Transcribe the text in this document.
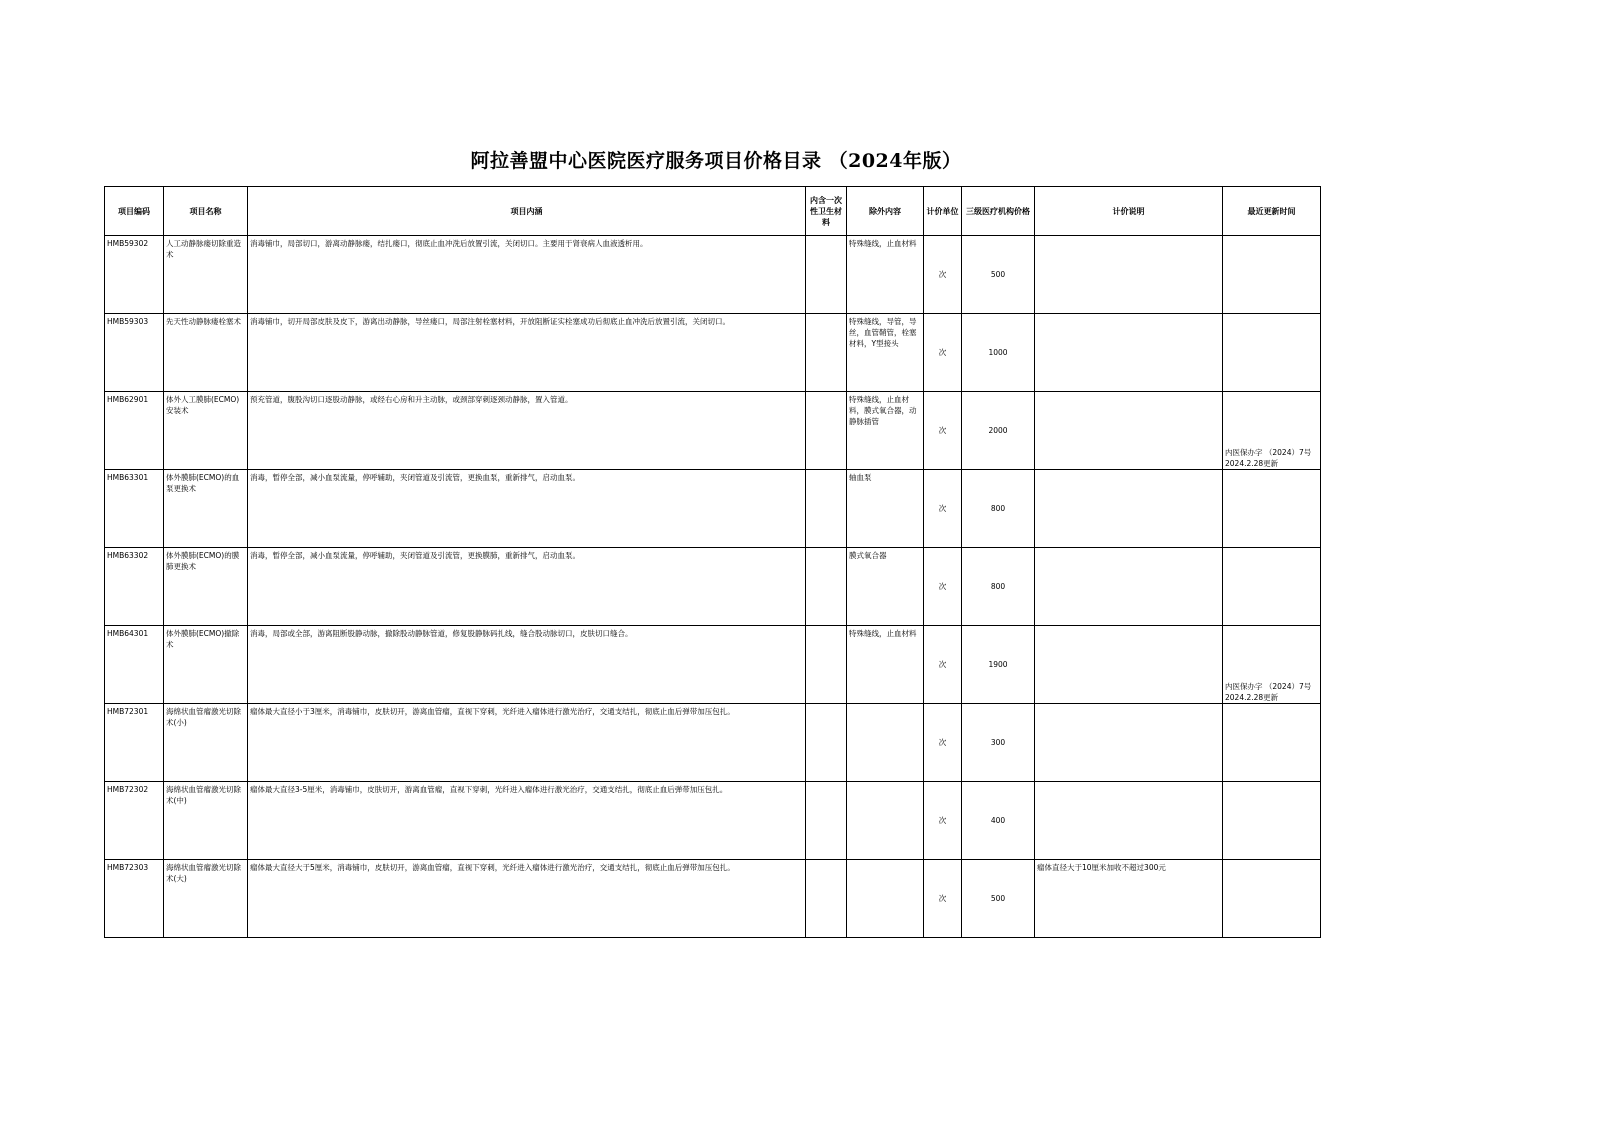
阿拉善盟中心医院医疗服务项目价格目录 （2024年版）
项目编码	项目名称	项目内涵	内含一次性卫生材料	除外内容	计价单位	三级医疗机构价格	计价说明	最近更新时间
HMB59302	人工动静脉瘘切除重造术	消毒铺巾，局部切口，游离动静脉瘘，结扎瘘口，彻底止血冲洗后放置引流，关闭切口。主要用于肾衰病人血液透析用。		特殊缝线，止血材料	次	500		

HMB59303	先天性动静脉瘘栓塞术	消毒铺巾，切开局部皮肤及皮下，游离出动静脉，导丝瘘口，局部注射栓塞材料，开放阻断证实栓塞成功后彻底止血冲洗后放置引流，关闭切口。		特殊缝线，导管，导丝，血管鞘管，栓塞材料，Y型接头	次	1000		

HMB62901	体外人工膜肺(ECMO)安装术	预充管道，腹股沟切口逐股动静脉，或经右心房和升主动脉，或颈部穿刺逐颈动静脉，置入管道。		特殊缝线，止血材料，膜式氧合器，动静脉插管	次	2000		内医保办字 （2024）7号 2024.2.28更新

HMB63301	体外膜肺(ECMO)的血泵更换术	消毒，暂停全部，减小血泵流量，停呼辅助，夹闭管道及引流管，更换血泵，重新排气，启动血泵。		轴血泵	次	800		

HMB63302	体外膜肺(ECMO)的膜肺更换术	消毒，暂停全部，减小血泵流量，停呼辅助，夹闭管道及引流管，更换膜肺，重新排气，启动血泵。		膜式氧合器	次	800		

HMB64301	体外膜肺(ECMO)撤除术	消毒，局部或全部，游离阻断股静动脉，撤除股动静脉管道，修复股静脉码扎线，缝合股动脉切口，皮肤切口缝合。		特殊缝线，止血材料	次	1900		内医保办字 （2024）7号 2024.2.28更新

HMB72301	海绵状血管瘤激光切除术(小)	瘤体最大直径小于3厘米，消毒铺巾，皮肤切开，游离血管瘤，直视下穿刺，光纤进入瘤体进行激光治疗，交通支结扎，彻底止血后弹带加压包扎。			次	300		

HMB72302	海绵状血管瘤激光切除术(中)	瘤体最大直径3-5厘米，消毒铺巾，皮肤切开，游离血管瘤，直视下穿刺，光纤进入瘤体进行激光治疗，交通支结扎，彻底止血后弹带加压包扎。			次	400		

HMB72303	海绵状血管瘤激光切除术(大)	瘤体最大直径大于5厘米，消毒铺巾，皮肤切开，游离血管瘤，直视下穿刺，光纤进入瘤体进行激光治疗，交通支结扎，彻底止血后弹带加压包扎。			次	500	瘤体直径大于10厘米加收不超过300元	
